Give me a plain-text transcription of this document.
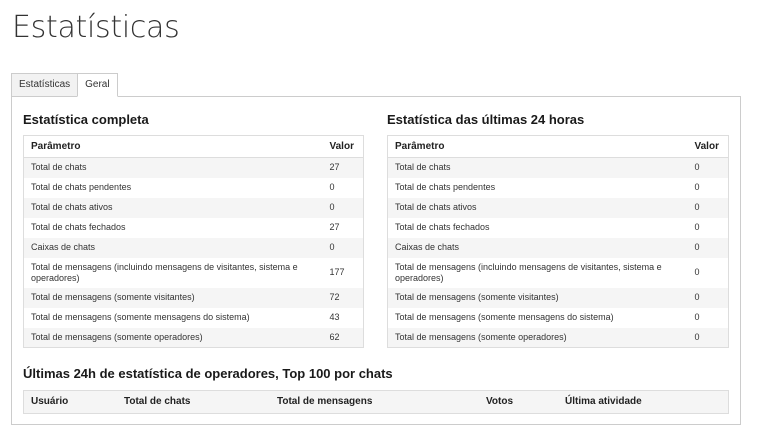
Estatísticas
Estatísticas	Geral
Estatística completa
Parâmetro	Valor
Total de chats	27
Total de chats pendentes	0
Total de chats ativos	0
Total de chats fechados	27
Caixas de chats	0
Total de mensagens (incluindo mensagens de visitantes, sistema e operadores)	177
Total de mensagens (somente visitantes)	72
Total de mensagens (somente mensagens do sistema)	43
Total de mensagens (somente operadores)	62
Estatística das últimas 24 horas
Parâmetro	Valor
Total de chats	0
Total de chats pendentes	0
Total de chats ativos	0
Total de chats fechados	0
Caixas de chats	0
Total de mensagens (incluindo mensagens de visitantes, sistema e operadores)	0
Total de mensagens (somente visitantes)	0
Total de mensagens (somente mensagens do sistema)	0
Total de mensagens (somente operadores)	0
Últimas 24h de estatística de operadores, Top 100 por chats
Usuário	Total de chats	Total de mensagens	Votos	Última atividade
